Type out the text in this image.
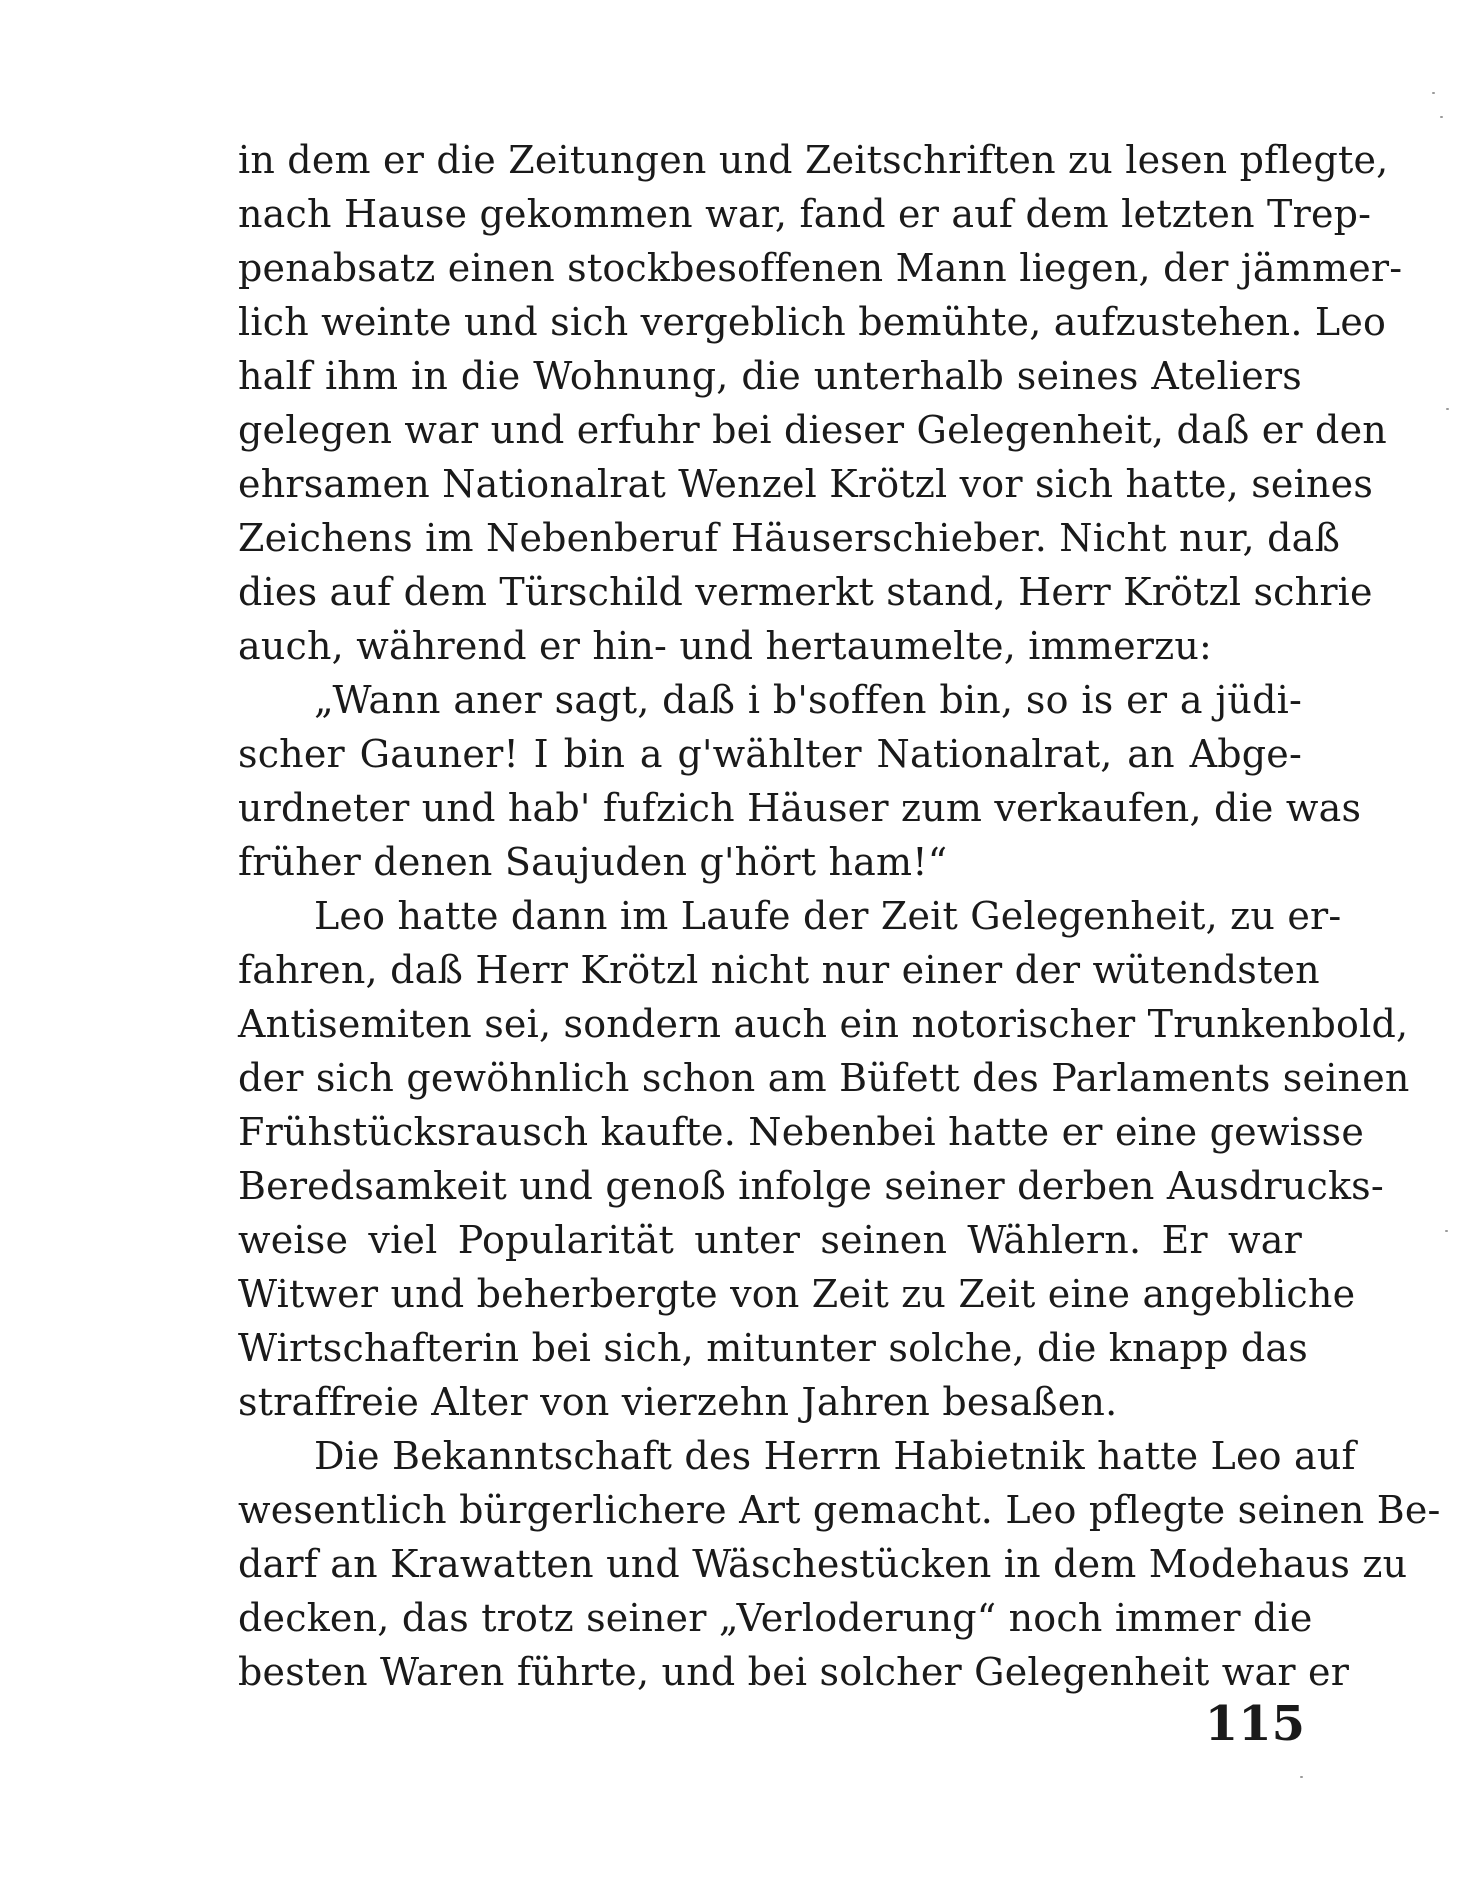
in dem er die Zeitungen und Zeitschriften zu lesen pflegte,
nach Hause gekommen war, fand er auf dem letzten Trep-
penabsatz einen stockbesoffenen Mann liegen, der jämmer-
lich weinte und sich vergeblich bemühte, aufzustehen. Leo
half ihm in die Wohnung, die unterhalb seines Ateliers
gelegen war und erfuhr bei dieser Gelegenheit, daß er den
ehrsamen Nationalrat Wenzel Krötzl vor sich hatte, seines
Zeichens im Nebenberuf Häuserschieber. Nicht nur, daß
dies auf dem Türschild vermerkt stand, Herr Krötzl schrie
auch, während er hin- und hertaumelte, immerzu:
„Wann aner sagt, daß i b'soffen bin, so is er a jüdi-
scher Gauner! I bin a g'wählter Nationalrat, an Abge-
urdneter und hab' fufzich Häuser zum verkaufen, die was
früher denen Saujuden g'hört ham!“
Leo hatte dann im Laufe der Zeit Gelegenheit, zu er-
fahren, daß Herr Krötzl nicht nur einer der wütendsten
Antisemiten sei, sondern auch ein notorischer Trunkenbold,
der sich gewöhnlich schon am Büfett des Parlaments seinen
Frühstücksrausch kaufte. Nebenbei hatte er eine gewisse
Beredsamkeit und genoß infolge seiner derben Ausdrucks-
weise viel Popularität unter seinen Wählern. Er war
Witwer und beherbergte von Zeit zu Zeit eine angebliche
Wirtschafterin bei sich, mitunter solche, die knapp das
straffreie Alter von vierzehn Jahren besaßen.
Die Bekanntschaft des Herrn Habietnik hatte Leo auf
wesentlich bürgerlichere Art gemacht. Leo pflegte seinen Be-
darf an Krawatten und Wäschestücken in dem Modehaus zu
decken, das trotz seiner „Verloderung“ noch immer die
besten Waren führte, und bei solcher Gelegenheit war er
115
